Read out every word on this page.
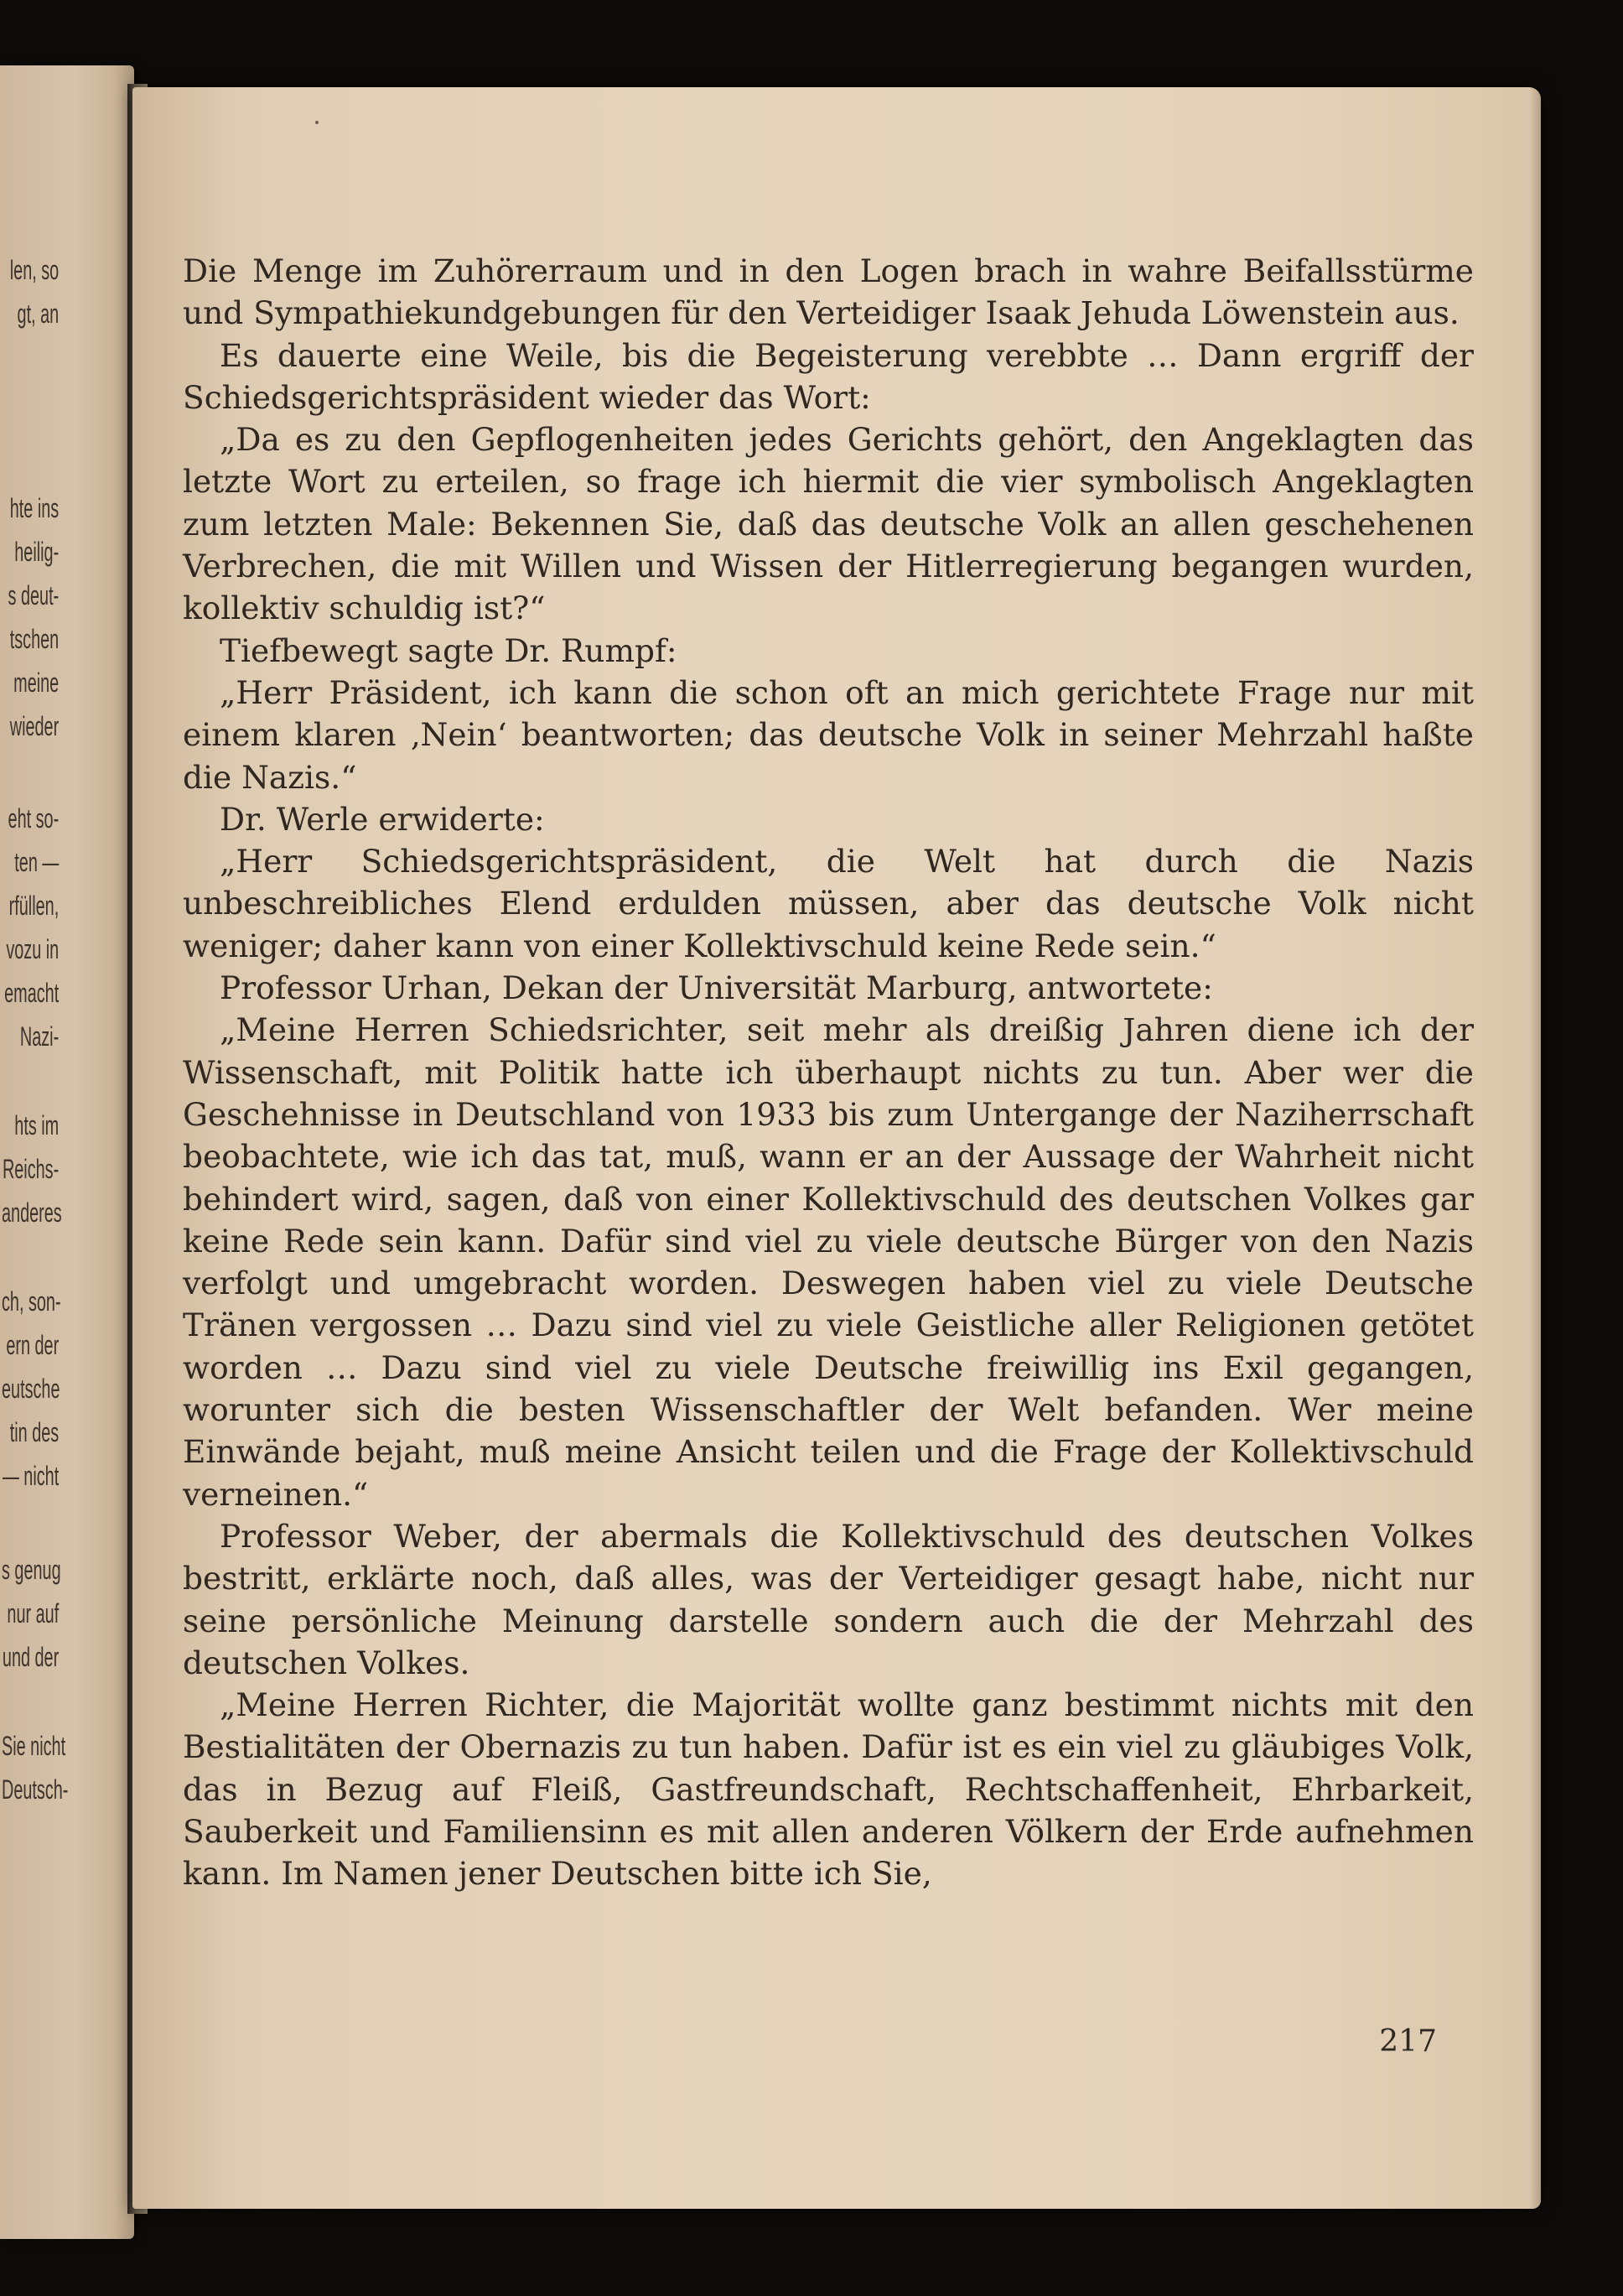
len, so
gt, an
hte ins
heilig-
s deut-
tschen
meine
wieder
eht so-
ten —
rfüllen,
vozu in
emacht
Nazi-
hts im
Reichs-
anderes
ch, son-
ern der
eutsche
tin des
— nicht
s genug
nur auf
und der
Sie nicht
Deutsch-

Die Menge im Zuhörerraum und in den Logen brach in wahre Beifallsstürme und Sympathiekundgebungen für den Verteidiger Isaak Jehuda Löwenstein aus.

Es dauerte eine Weile, bis die Begeisterung verebbte … Dann ergriff der Schiedsgerichtspräsident wieder das Wort:

„Da es zu den Gepflogenheiten jedes Gerichts gehört, den Angeklagten das letzte Wort zu erteilen, so frage ich hiermit die vier symbolisch Angeklagten zum letzten Male: Bekennen Sie, daß das deutsche Volk an allen geschehenen Verbrechen, die mit Willen und Wissen der Hitlerregierung begangen wurden, kollektiv schuldig ist?“

Tiefbewegt sagte Dr. Rumpf:

„Herr Präsident, ich kann die schon oft an mich gerichtete Frage nur mit einem klaren ‚Nein‘ beantworten; das deutsche Volk in seiner Mehrzahl haßte die Nazis.“

Dr. Werle erwiderte:

„Herr Schiedsgerichtspräsident, die Welt hat durch die Nazis unbeschreibliches Elend erdulden müssen, aber das deutsche Volk nicht weniger; daher kann von einer Kollektivschuld keine Rede sein.“

Professor Urhan, Dekan der Universität Marburg, antwortete:

„Meine Herren Schiedsrichter, seit mehr als dreißig Jahren diene ich der Wissenschaft, mit Politik hatte ich überhaupt nichts zu tun. Aber wer die Geschehnisse in Deutschland von 1933 bis zum Untergange der Naziherrschaft beobachtete, wie ich das tat, muß, wann er an der Aussage der Wahrheit nicht behindert wird, sagen, daß von einer Kollektivschuld des deutschen Volkes gar keine Rede sein kann. Dafür sind viel zu viele deutsche Bürger von den Nazis verfolgt und umgebracht worden. Deswegen haben viel zu viele Deutsche Tränen vergossen … Dazu sind viel zu viele Geistliche aller Religionen getötet worden … Dazu sind viel zu viele Deutsche freiwillig ins Exil gegangen, worunter sich die besten Wissenschaftler der Welt befanden. Wer meine Einwände bejaht, muß meine Ansicht teilen und die Frage der Kollektivschuld verneinen.“

Professor Weber, der abermals die Kollektivschuld des deutschen Volkes bestritt, erklärte noch, daß alles, was der Verteidiger gesagt habe, nicht nur seine persönliche Meinung darstelle sondern auch die der Mehrzahl des deutschen Volkes.

„Meine Herren Richter, die Majorität wollte ganz bestimmt nichts mit den Bestialitäten der Obernazis zu tun haben. Dafür ist es ein viel zu gläubiges Volk, das in Bezug auf Fleiß, Gastfreundschaft, Rechtschaffenheit, Ehrbarkeit, Sauberkeit und Familiensinn es mit allen anderen Völkern der Erde aufnehmen kann. Im Namen jener Deutschen bitte ich Sie,

217
